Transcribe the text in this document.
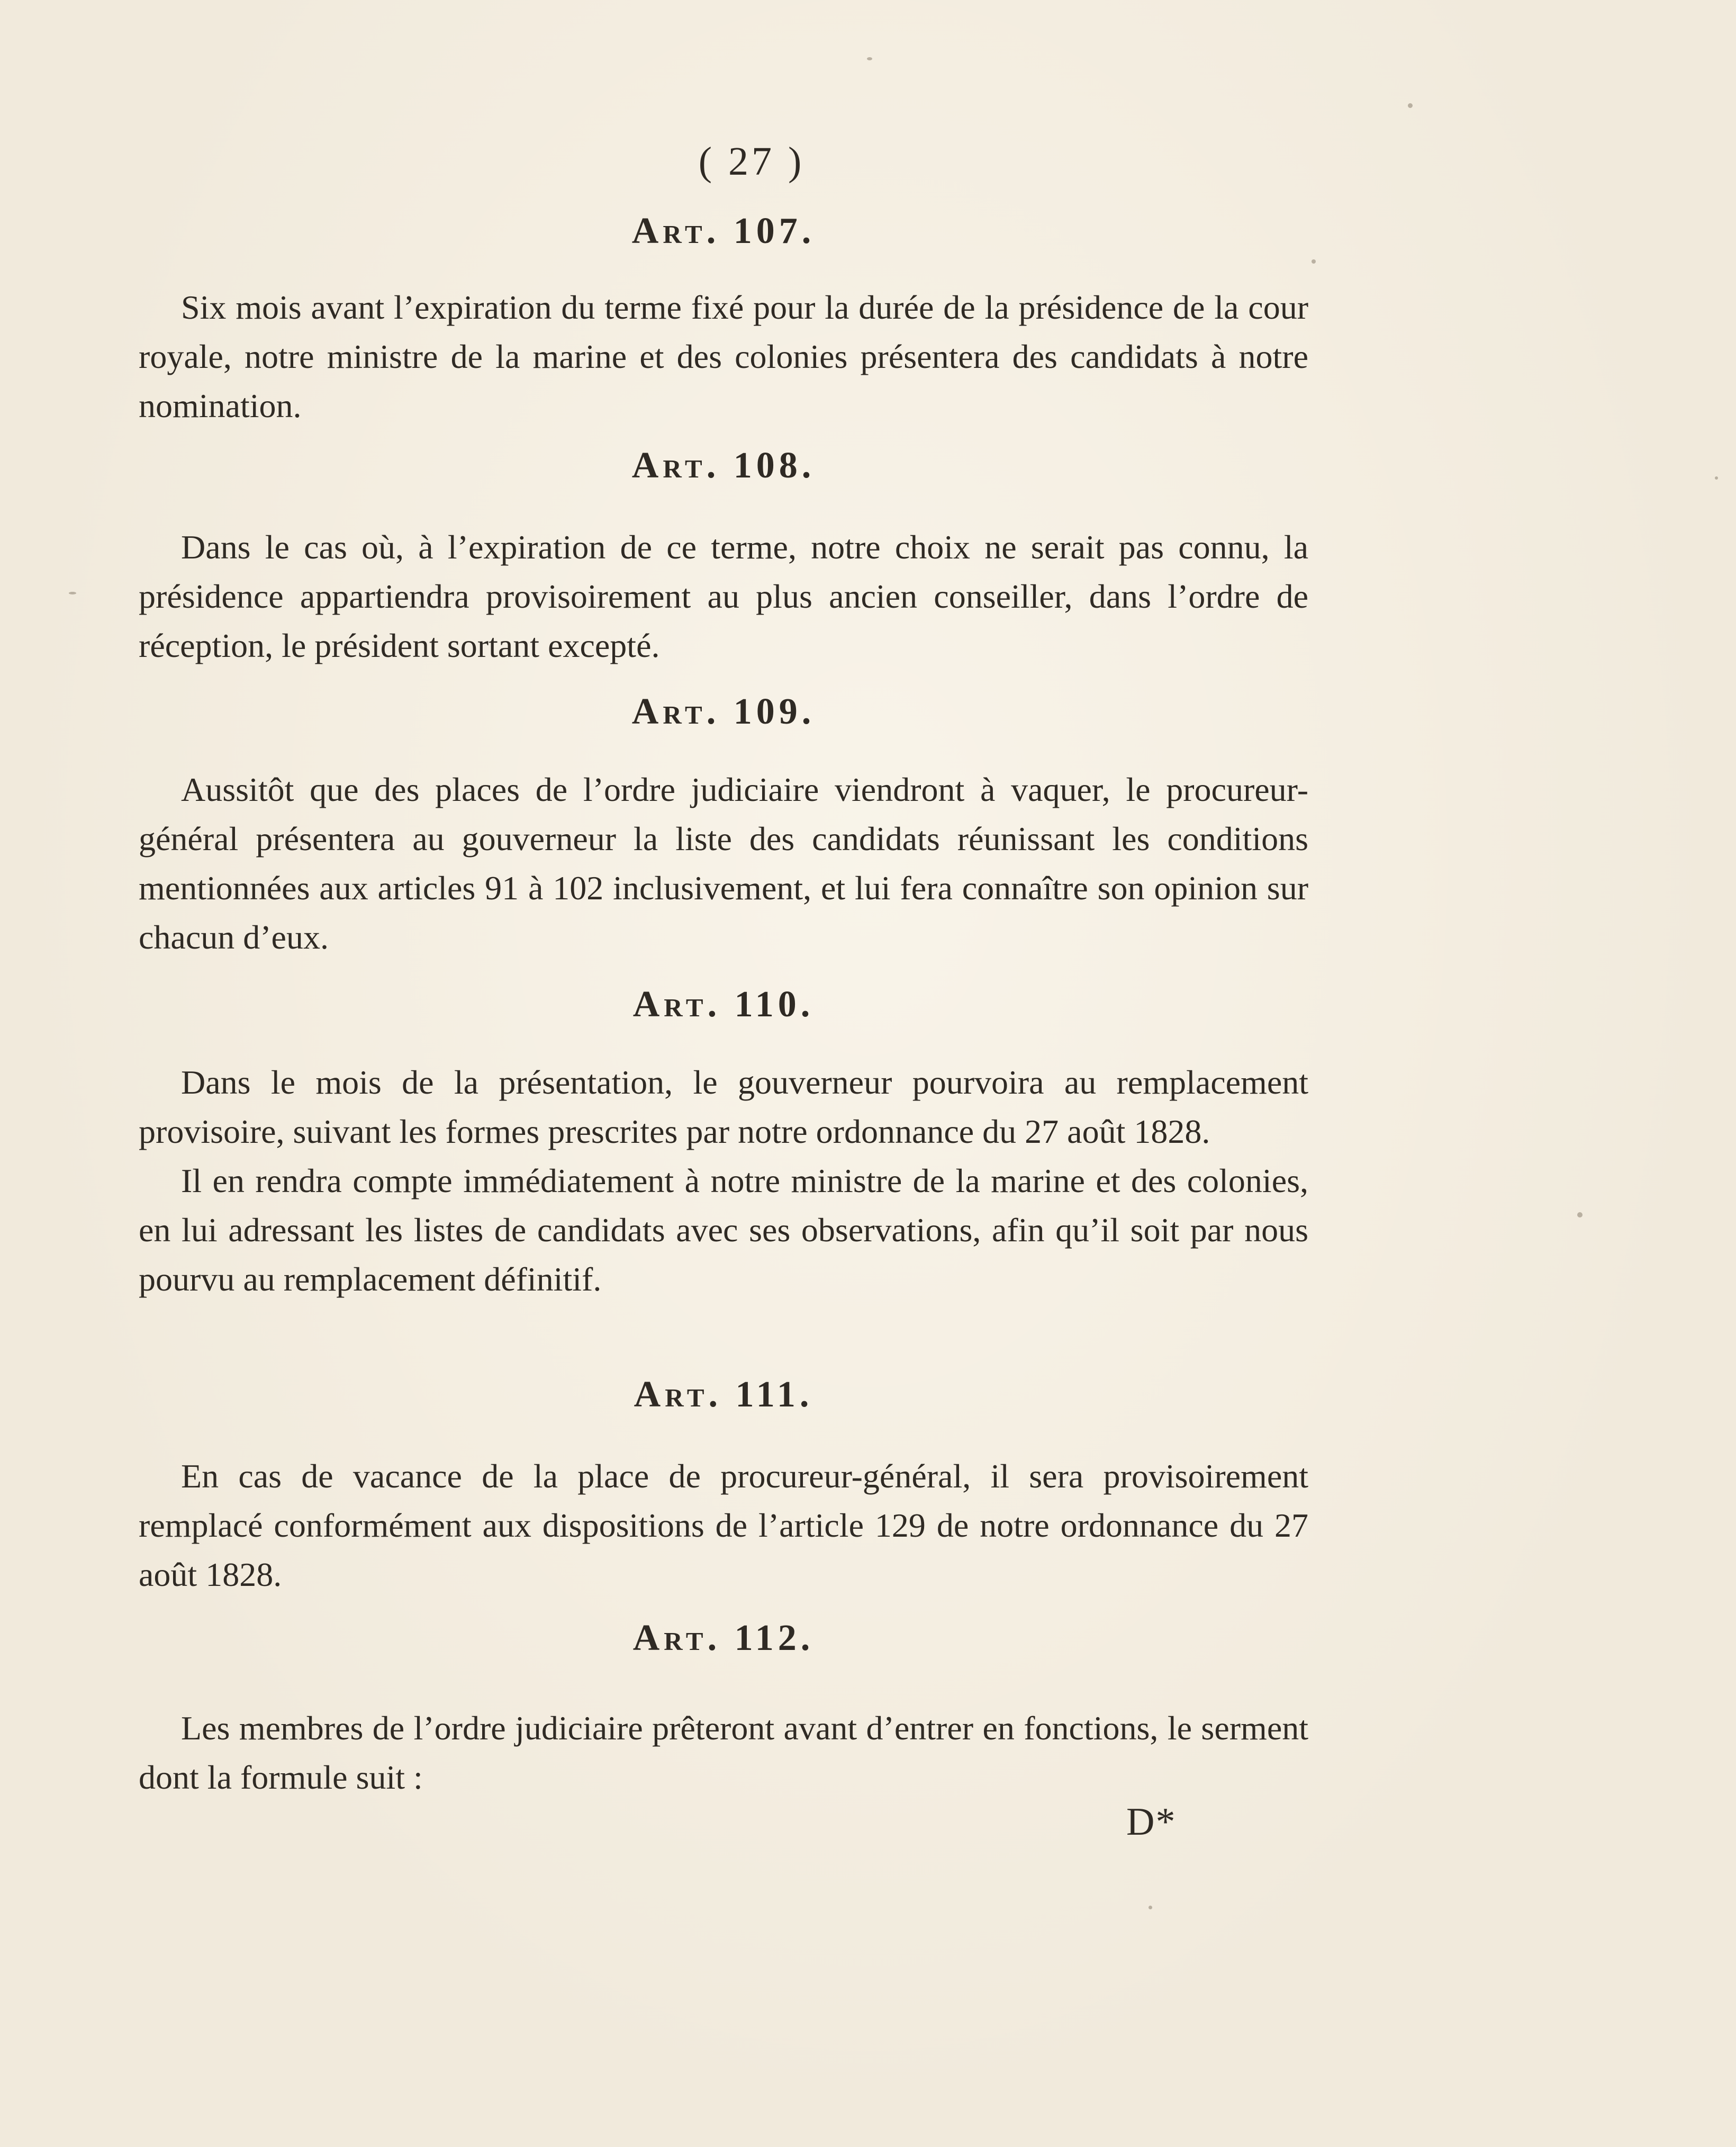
( 27 )
Art. 107.

Six mois avant l’expiration du terme fixé pour la durée de la présidence de la cour royale, notre ministre de la marine et des colonies présentera des candidats à notre nomination.

Art. 108.

Dans le cas où, à l’expiration de ce terme, notre choix ne serait pas connu, la présidence appartiendra provisoirement au plus ancien conseiller, dans l’ordre de réception, le président sortant excepté.

Art. 109.

Aussitôt que des places de l’ordre judiciaire viendront à vaquer, le procureur-général présentera au gouverneur la liste des candidats réunissant les conditions mentionnées aux articles 91 à 102 inclusivement, et lui fera connaître son opinion sur chacun d’eux.

Art. 110.

Dans le mois de la présentation, le gouverneur pourvoira au remplacement provisoire, suivant les formes prescrites par notre ordonnance du 27 août 1828.

Il en rendra compte immédiatement à notre ministre de la marine et des colonies, en lui adressant les listes de candidats avec ses observations, afin qu’il soit par nous pourvu au remplacement définitif.

Art. 111.

En cas de vacance de la place de procureur-général, il sera provisoirement remplacé conformément aux dispositions de l’article 129 de notre ordonnance du 27 août 1828.

Art. 112.

Les membres de l’ordre judiciaire prêteront avant d’entrer en fonctions, le serment dont la formule suit :

D*
